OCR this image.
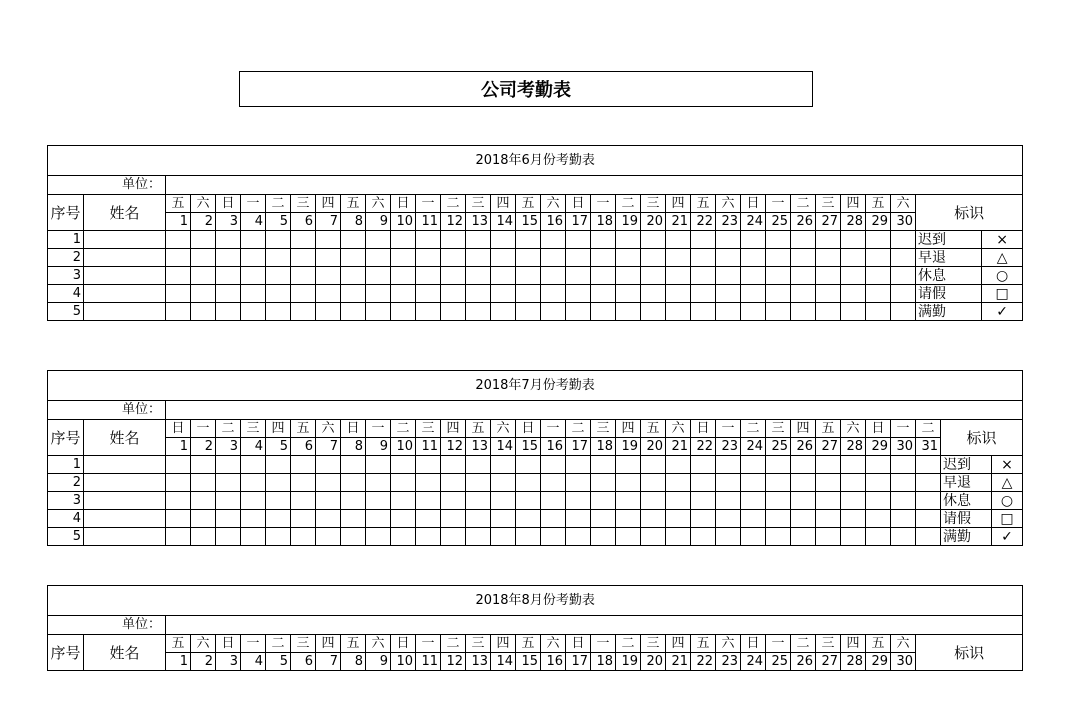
公司考勤表
2018年6月份考勤表																																	
单位：																																	
序号	姓名	五	六	日	一	二	三	四	五	六	日	一	二	三	四	五	六	日	一	二	三	四	五	六	日	一	二	三	四	五	六	标识	
		1	2	3	4	5	6	7	8	9	10	11	12	13	14	15	16	17	18	19	20	21	22	23	24	25	26	27	28	29	30		
1																																迟到	×
2																																早退	△
3																																休息	○
4																																请假	□
5																																满勤	✓
2018年7月份考勤表																																		
单位：																																		
序号	姓名	日	一	二	三	四	五	六	日	一	二	三	四	五	六	日	一	二	三	四	五	六	日	一	二	三	四	五	六	日	一	二	标识	
		1	2	3	4	5	6	7	8	9	10	11	12	13	14	15	16	17	18	19	20	21	22	23	24	25	26	27	28	29	30	31		
1																																	迟到	×
2																																	早退	△
3																																	休息	○
4																																	请假	□
5																																	满勤	✓
2018年8月份考勤表																																
单位：																																
序号	姓名	五	六	日	一	二	三	四	五	六	日	一	二	三	四	五	六	日	一	二	三	四	五	六	日	一	二	三	四	五	六	标识
		1	2	3	4	5	6	7	8	9	10	11	12	13	14	15	16	17	18	19	20	21	22	23	24	25	26	27	28	29	30	
